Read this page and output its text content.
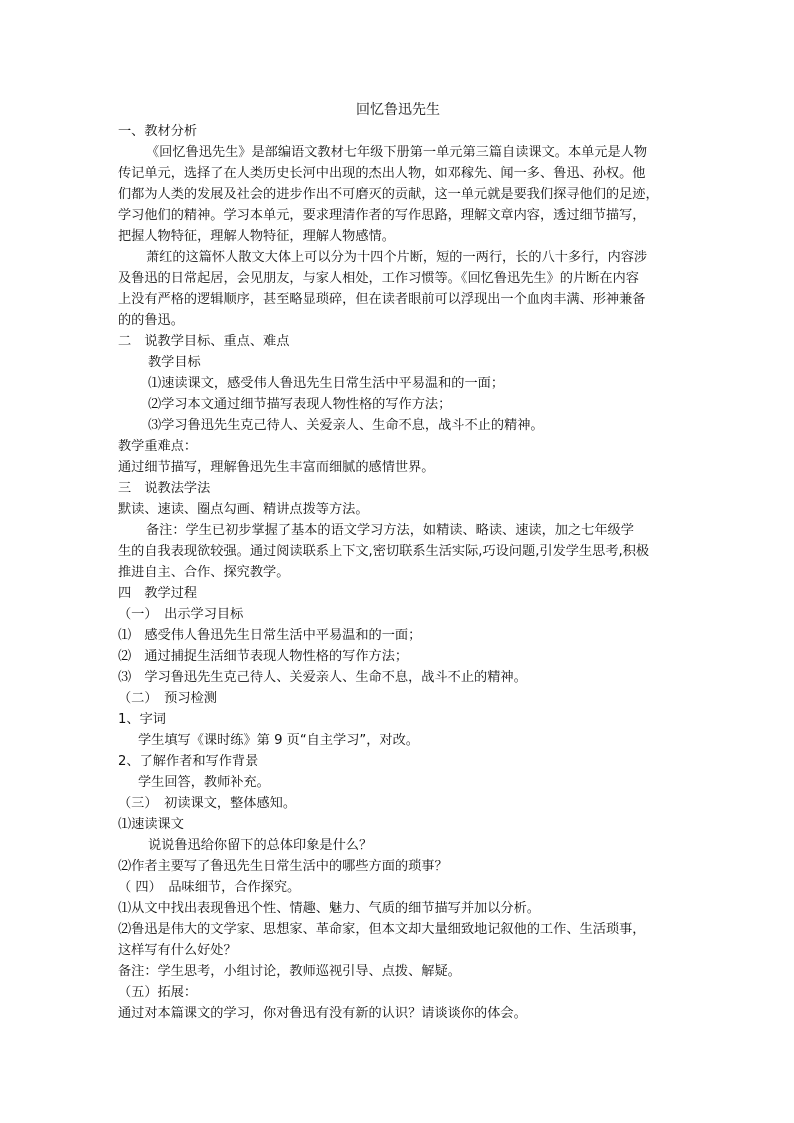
回忆鲁迅先生
一、教材分析
《回忆鲁迅先生》是部编语文教材七年级下册第一单元第三篇自读课文。本单元是人物
传记单元，选择了在人类历史长河中出现的杰出人物，如邓稼先、闻一多、鲁迅、孙权。他
们都为人类的发展及社会的进步作出不可磨灭的贡献，这一单元就是要我们探寻他们的足迹，
学习他们的精神。学习本单元，要求理清作者的写作思路，理解文章内容，透过细节描写，
把握人物特征，理解人物特征，理解人物感情。
萧红的这篇怀人散文大体上可以分为十四个片断，短的一两行，长的八十多行，内容涉
及鲁迅的日常起居，会见朋友，与家人相处，工作习惯等。《回忆鲁迅先生》的片断在内容
上没有严格的逻辑顺序，甚至略显琐碎，但在读者眼前可以浮现出一个血肉丰满、形神兼备
的的鲁迅。
二　说教学目标、重点、难点
教学目标
⑴速读课文，感受伟人鲁迅先生日常生活中平易温和的一面；
⑵学习本文通过细节描写表现人物性格的写作方法；
⑶学习鲁迅先生克己待人、关爱亲人、生命不息，战斗不止的精神。
教学重难点：
通过细节描写，理解鲁迅先生丰富而细腻的感情世界。
三　说教法学法
默读、速读、圈点勾画、精讲点拨等方法。
备注：学生已初步掌握了基本的语文学习方法，如精读、略读、速读，加之七年级学
生的自我表现欲较强。通过阅读联系上下文,密切联系生活实际,巧设问题,引发学生思考,积极
推进自主、合作、探究教学。
四　教学过程
（一）　出示学习目标
⑴　感受伟人鲁迅先生日常生活中平易温和的一面；
⑵　通过捕捉生活细节表现人物性格的写作方法；
⑶　学习鲁迅先生克己待人、关爱亲人、生命不息，战斗不止的精神。
（二）　预习检测
1、字词
学生填写《课时练》第 9 页“自主学习”，对改。
2、了解作者和写作背景
学生回答，教师补充。
（三）　初读课文，整体感知。
⑴速读课文
说说鲁迅给你留下的总体印象是什么？
⑵作者主要写了鲁迅先生日常生活中的哪些方面的琐事？
（ 四）　品味细节，合作探究。
⑴从文中找出表现鲁迅个性、情趣、魅力、气质的细节描写并加以分析。
⑵鲁迅是伟大的文学家、思想家、革命家，但本文却大量细致地记叙他的工作、生活琐事，
这样写有什么好处？
备注：学生思考，小组讨论，教师巡视引导、点拨、解疑。
（五）拓展：
通过对本篇课文的学习，你对鲁迅有没有新的认识？请谈谈你的体会。
